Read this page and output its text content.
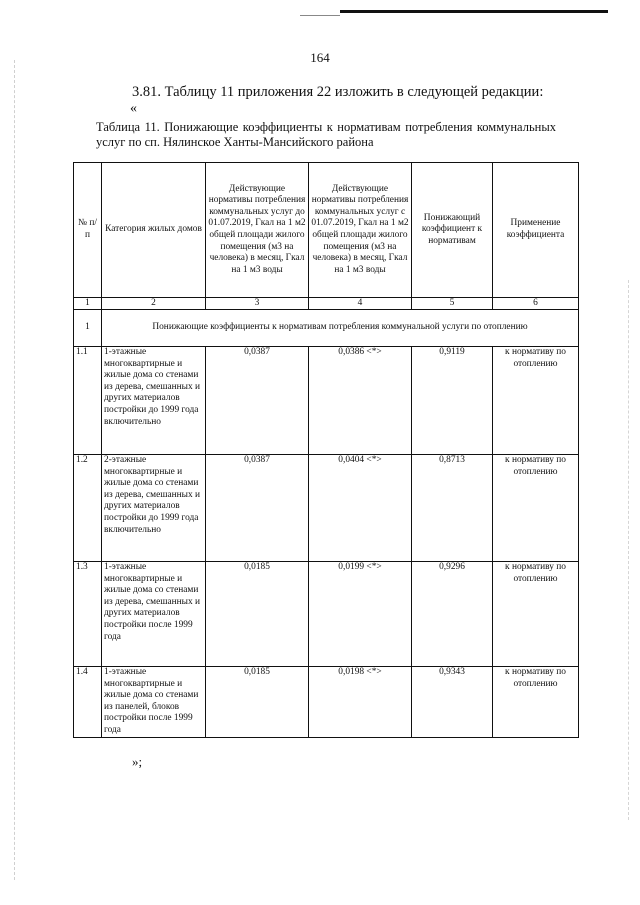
164
3.81. Таблицу 11 приложения 22 изложить в следующей редакции:
«
Таблица 11. Понижающие коэффициенты к нормативам потребления коммунальных услуг по сп. Нялинское Ханты-Мансийского района
№ п/п	Категория жилых домов	Действующие нормативы потребления коммунальных услуг до 01.07.2019, Гкал на 1 м2 общей площади жилого помещения (м3 на человека) в месяц, Гкал на 1 м3 воды	Действующие нормативы потребления коммунальных услуг с 01.07.2019, Гкал на 1 м2 общей площади жилого помещения (м3 на человека) в месяц, Гкал на 1 м3 воды	Понижающий коэффициент к нормативам	Применение коэффициента
1	2	3	4	5	6
1	Понижающие коэффициенты к нормативам потребления коммунальной услуги по отоплению				
1.1	1-этажные многоквартирные и жилые дома со стенами из дерева, смешанных и других материалов постройки до 1999 года включительно	0,0387	0,0386 <*>	0,9119	к нормативу по отоплению
1.2	2-этажные многоквартирные и жилые дома со стенами из дерева, смешанных и других материалов постройки до 1999 года включительно	0,0387	0,0404 <*>	0,8713	к нормативу по отоплению
1.3	1-этажные многоквартирные и жилые дома со стенами из дерева, смешанных и других материалов постройки после 1999 года	0,0185	0,0199 <*>	0,9296	к нормативу по отоплению
1.4	1-этажные многоквартирные и жилые дома со стенами из панелей, блоков постройки после 1999 года	0,0185	0,0198 <*>	0,9343	к нормативу по отоплению
»;
